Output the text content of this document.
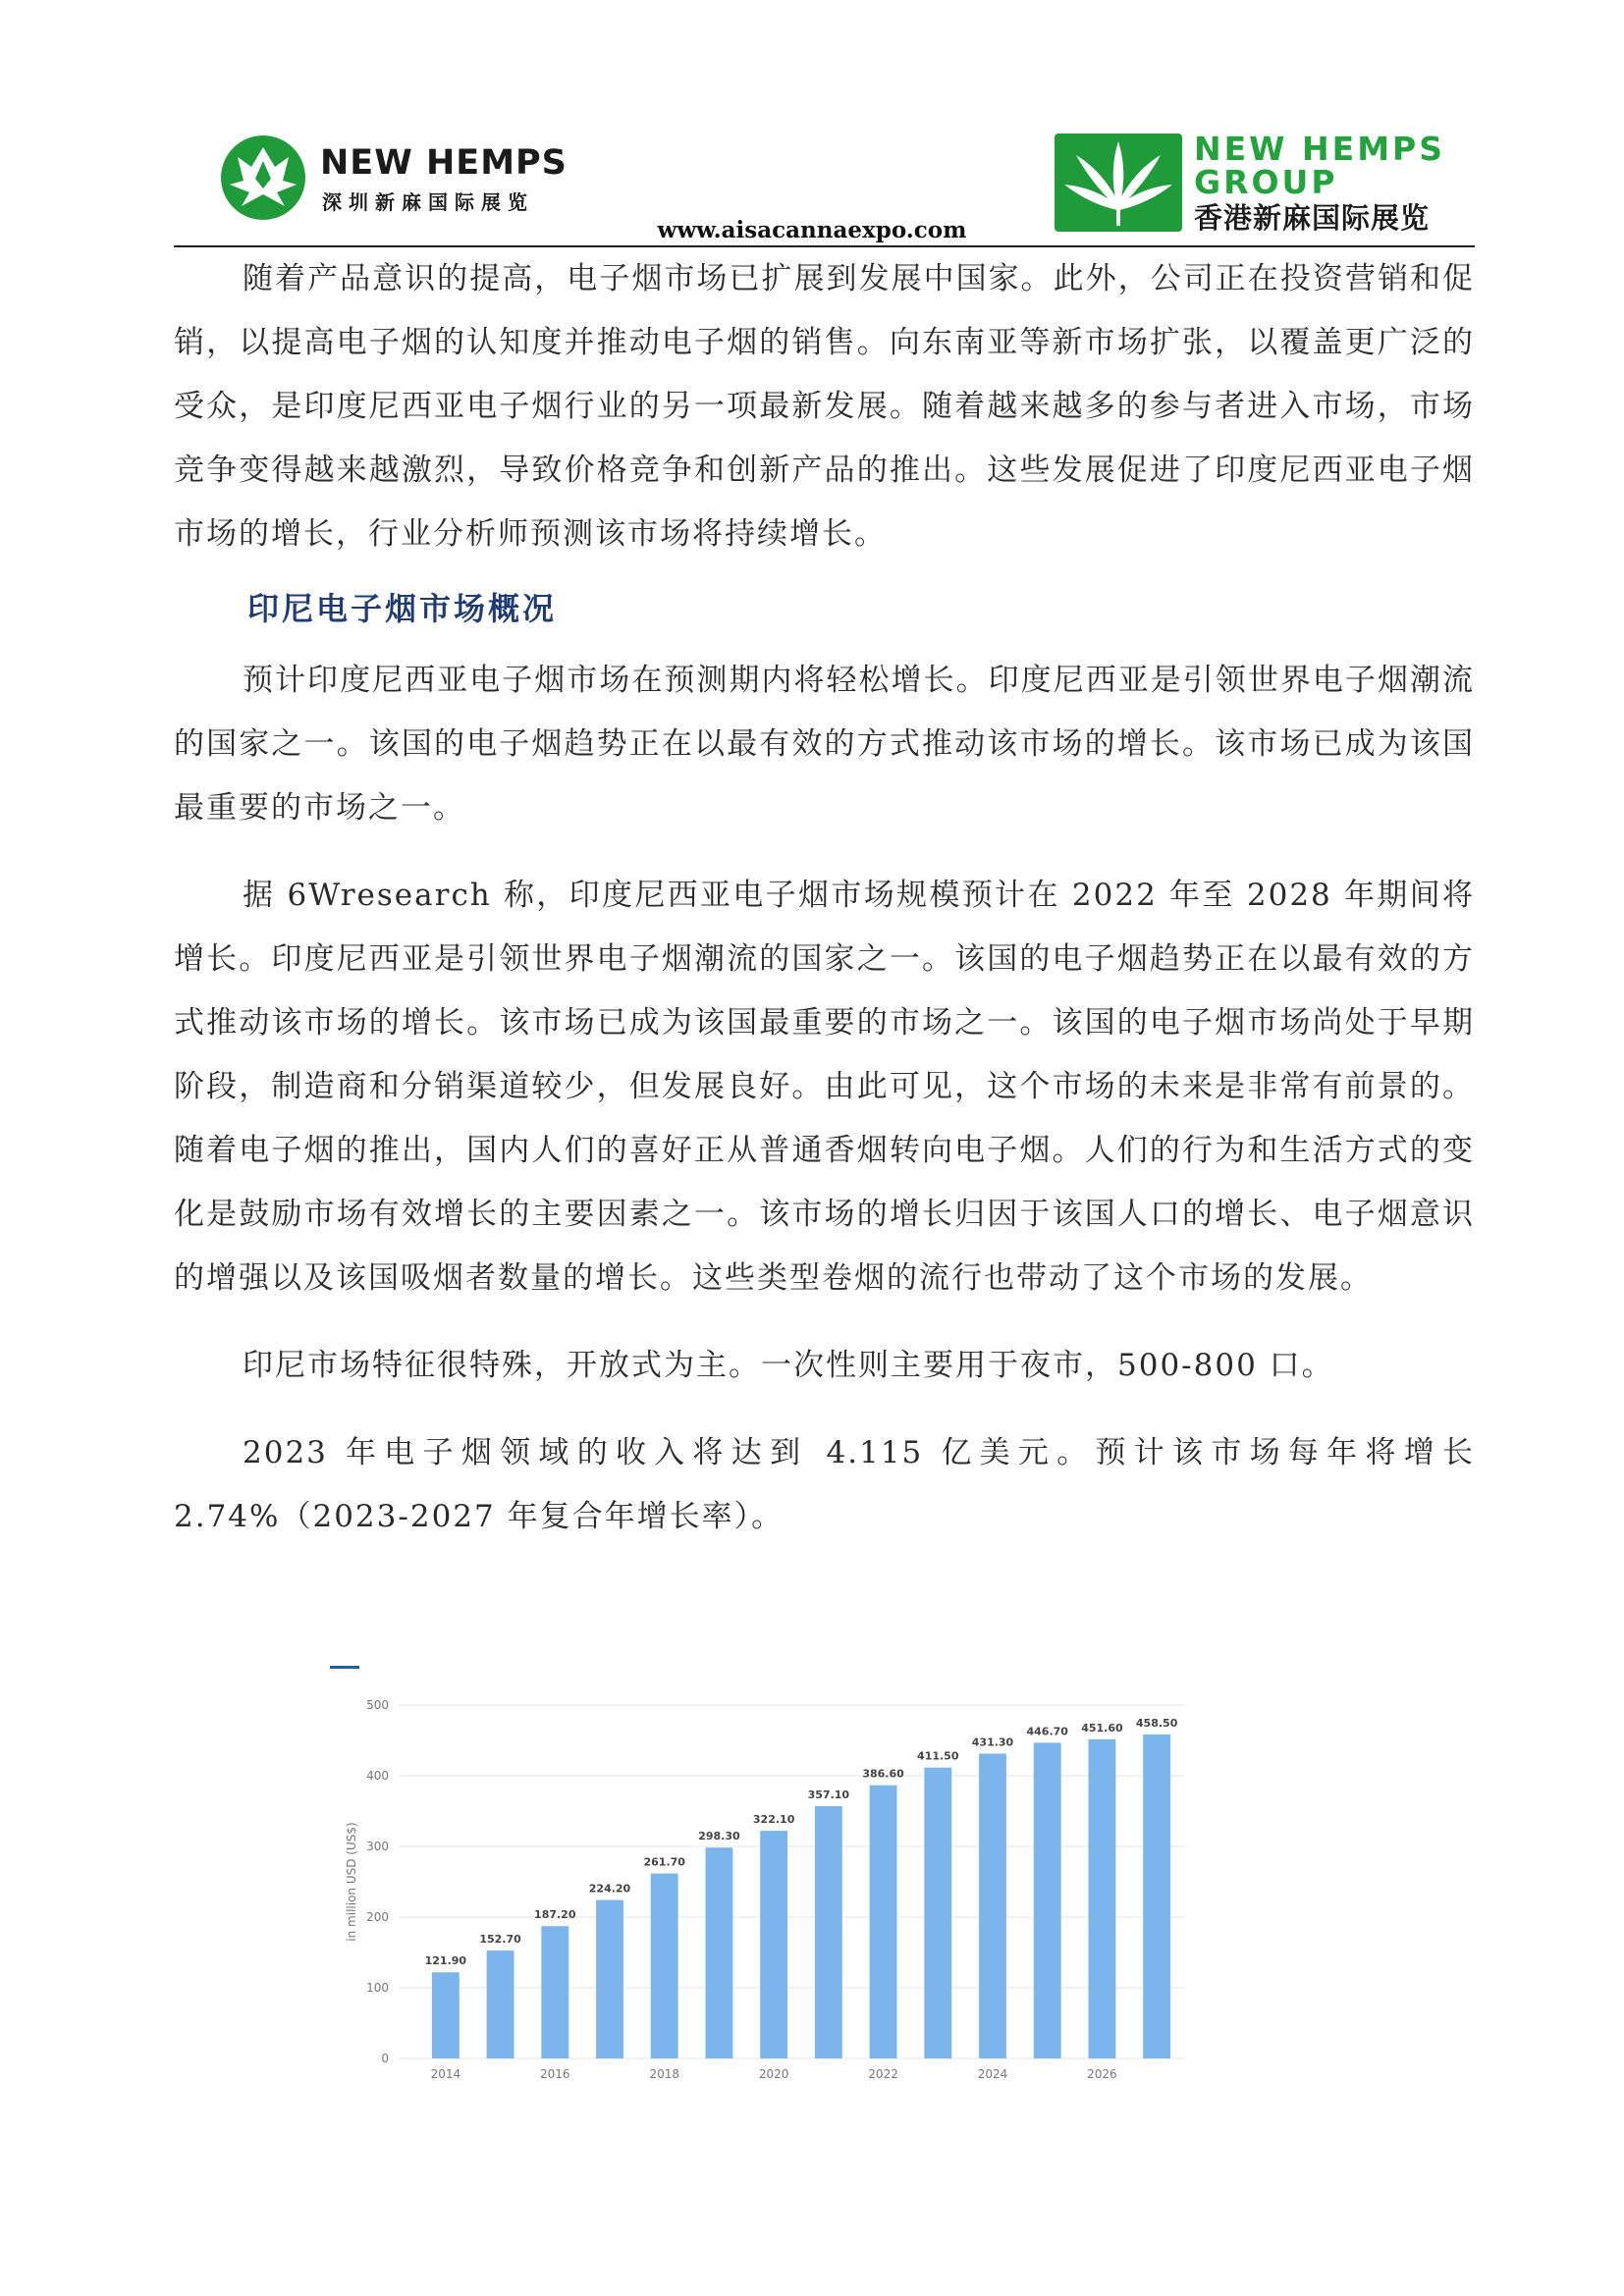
NEW HEMPS
深圳新麻国际展览
NEW HEMPS
GROUP
香港新麻国际展览
www.aisacannaexpo.com

随着产品意识的提高，电子烟市场已扩展到发展中国家。此外，公司正在投资营销和促销，以提高电子烟的认知度并推动电子烟的销售。向东南亚等新市场扩张，以覆盖更广泛的受众，是印度尼西亚电子烟行业的另一项最新发展。随着越来越多的参与者进入市场，市场竞争变得越来越激烈，导致价格竞争和创新产品的推出。这些发展促进了印度尼西亚电子烟市场的增长，行业分析师预测该市场将持续增长。

印尼电子烟市场概况

预计印度尼西亚电子烟市场在预测期内将轻松增长。印度尼西亚是引领世界电子烟潮流的国家之一。该国的电子烟趋势正在以最有效的方式推动该市场的增长。该市场已成为该国最重要的市场之一。

据 6Wresearch 称，印度尼西亚电子烟市场规模预计在 2022 年至 2028 年期间将增长。印度尼西亚是引领世界电子烟潮流的国家之一。该国的电子烟趋势正在以最有效的方式推动该市场的增长。该市场已成为该国最重要的市场之一。该国的电子烟市场尚处于早期阶段，制造商和分销渠道较少，但发展良好。由此可见，这个市场的未来是非常有前景的。随着电子烟的推出，国内人们的喜好正从普通香烟转向电子烟。人们的行为和生活方式的变化是鼓励市场有效增长的主要因素之一。该市场的增长归因于该国人口的增长、电子烟意识的增强以及该国吸烟者数量的增长。这些类型卷烟的流行也带动了这个市场的发展。

印尼市场特征很特殊，开放式为主。一次性则主要用于夜市，500-800 口。

2023 年电子烟领域的收入将达到 4.115 亿美元。预计该市场每年将增长 2.74%（2023-2027 年复合年增长率）。

0
100
200
300
400
500
in million USD (US$)
121.90
152.70
187.20
224.20
261.70
298.30
322.10
357.10
386.60
411.50
431.30
446.70 451.60 458.50
2014	2016	2018	2020	2022	2024	2026
